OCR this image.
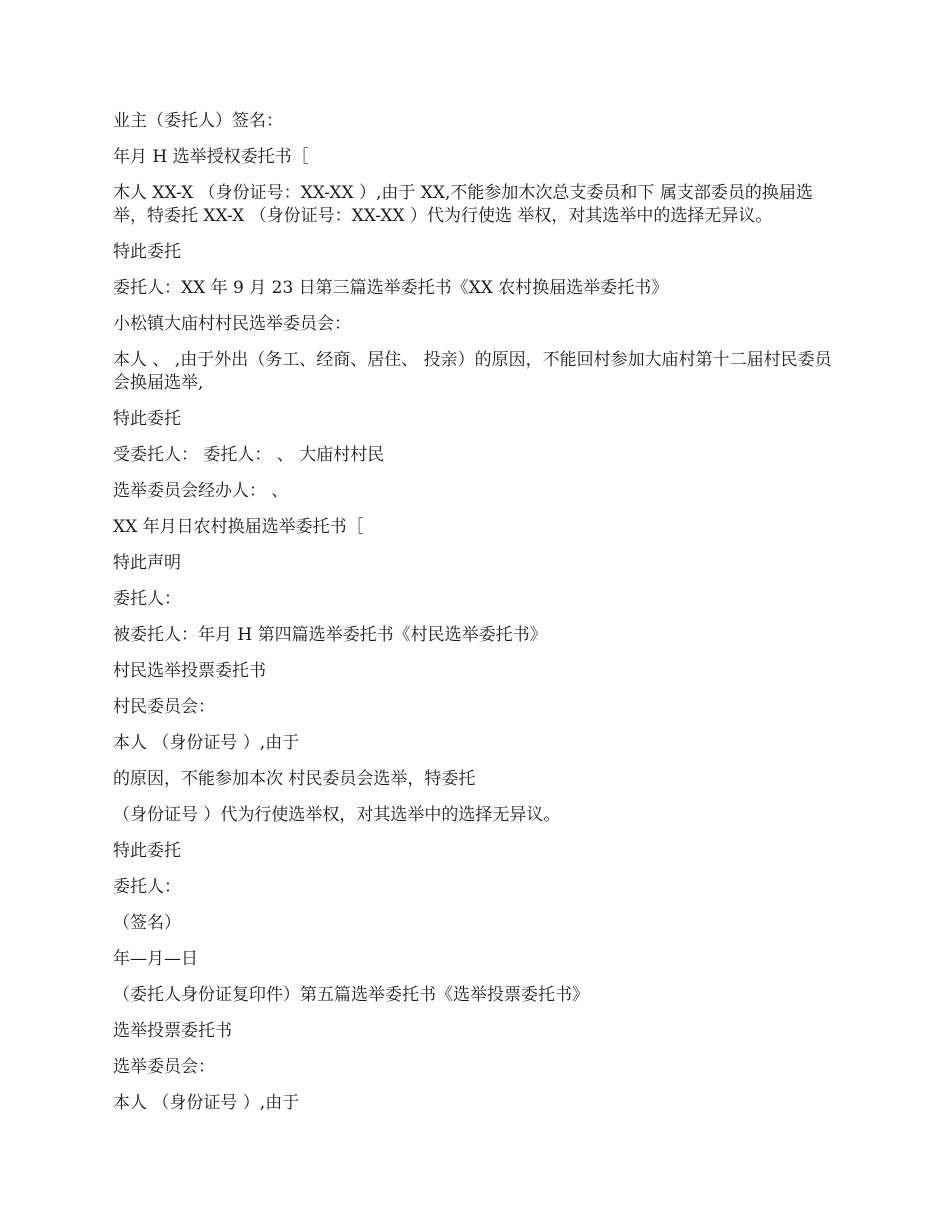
业主（委托人）签名：

年月 H 选举授权委托书［

木人 XX-X （身份证号：XX-XX ）,由于 XX,不能参加木次总支委员和下 属支部委员的换届选举，特委托 XX-X （身份证号：XX-XX ）代为行使选 举权，对其选举中的选择无异议。

特此委托

委托人：XX 年 9 月 23 日第三篇选举委托书《XX 农村换届选举委托书》

小松镇大庙村村民选举委员会：

本人 、 ,由于外出（务工、经商、居住、 投亲）的原因，不能回村参加大庙村第十二届村民委员会换届选举,

特此委托

受委托人： 委托人： 、 大庙村村民

选举委员会经办人： 、

XX 年月日农村换届选举委托书［

特此声明

委托人：

被委托人：年月 H 第四篇选举委托书《村民选举委托书》

村民选举投票委托书

村民委员会：

本人 （身份证号 ）,由于

的原因，不能参加本次 村民委员会选举，特委托

（身份证号 ）代为行使选举权，对其选举中的选择无异议。

特此委托

委托人：

（签名）

年—月—日

（委托人身份证复印件）第五篇选举委托书《选举投票委托书》

选举投票委托书

选举委员会：

本人 （身份证号 ）,由于
